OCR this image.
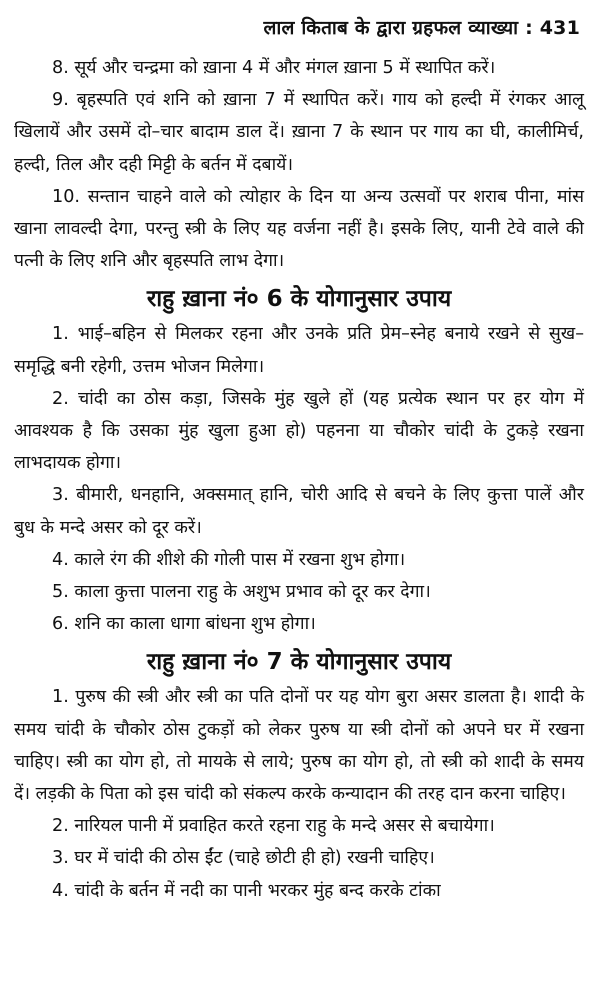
लाल किताब के द्वारा ग्रहफल व्याख्या : 431

8. सूर्य और चन्द्रमा को ख़ाना 4 में और मंगल ख़ाना 5 में स्थापित करें।

9. बृहस्पति एवं शनि को ख़ाना 7 में स्थापित करें। गाय को हल्दी में रंगकर आलू खिलायें और उसमें दो–चार बादाम डाल दें। ख़ाना 7 के स्थान पर गाय का घी, कालीमिर्च, हल्दी, तिल और दही मिट्टी के बर्तन में दबायें।

10. सन्तान चाहने वाले को त्योहार के दिन या अन्य उत्सवों पर शराब पीना, मांस खाना लावल्दी देगा, परन्तु स्त्री के लिए यह वर्जना नहीं है। इसके लिए, यानी टेवे वाले की पत्नी के लिए शनि और बृहस्पति लाभ देगा।

राहु ख़ाना नं० 6 के योगानुसार उपाय

1. भाई–बहिन से मिलकर रहना और उनके प्रति प्रेम–स्नेह बनाये रखने से सुख–समृद्धि बनी रहेगी, उत्तम भोजन मिलेगा।

2. चांदी का ठोस कड़ा, जिसके मुंह खुले हों (यह प्रत्येक स्थान पर हर योग में आवश्यक है कि उसका मुंह खुला हुआ हो) पहनना या चौकोर चांदी के टुकड़े रखना लाभदायक होगा।

3. बीमारी, धनहानि, अक्समात् हानि, चोरी आदि से बचने के लिए कुत्ता पालें और बुध के मन्दे असर को दूर करें।

4. काले रंग की शीशे की गोली पास में रखना शुभ होगा।

5. काला कुत्ता पालना राहु के अशुभ प्रभाव को दूर कर देगा।

6. शनि का काला धागा बांधना शुभ होगा।

राहु ख़ाना नं० 7 के योगानुसार उपाय

1. पुरुष की स्त्री और स्त्री का पति दोनों पर यह योग बुरा असर डालता है। शादी के समय चांदी के चौकोर ठोस टुकड़ों को लेकर पुरुष या स्त्री दोनों को अपने घर में रखना चाहिए। स्त्री का योग हो, तो मायके से लाये; पुरुष का योग हो, तो स्त्री को शादी के समय दें। लड़की के पिता को इस चांदी को संकल्प करके कन्यादान की तरह दान करना चाहिए।

2. नारियल पानी में प्रवाहित करते रहना राहु के मन्दे असर से बचायेगा।

3. घर में चांदी की ठोस ईंट (चाहे छोटी ही हो) रखनी चाहिए।

4. चांदी के बर्तन में नदी का पानी भरकर मुंह बन्द करके टांका
